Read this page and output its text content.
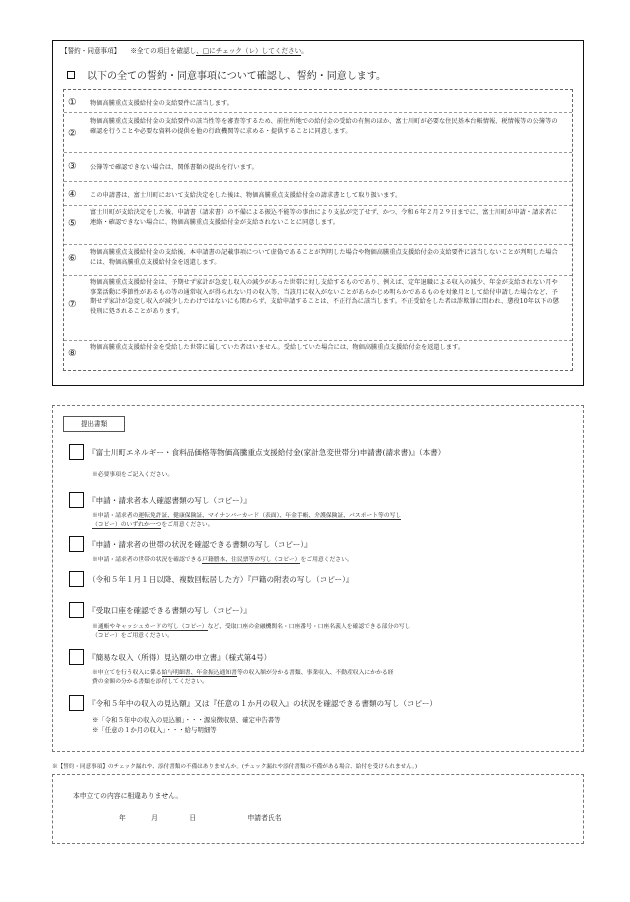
【誓約・同意事項】 ※全ての項目を確認し、□にチェック（レ）してください。
以下の全ての誓約・同意事項について確認し、誓約・同意します。
① 物価高騰重点支援給付金の支給要件に該当します。
②
物価高騰重点支援給付金の支給要件の該当性等を審査等するため、前住所地での給付金の受給の有無のほか、富士川町が必要な住民基本台帳情報、税情報等の公簿等の確認を行うことや必要な資料の提供を他の行政機関等に求める・提供することに同意します。
③ 公簿等で確認できない場合は、関係書類の提出を行います。
④ この申請書は、富士川町において支給決定をした後は、物価高騰重点支援給付金の請求書として取り扱います。
⑤
富士川町が支給決定をした後、申請書（請求書）の不備による振込不能等の事由により支払が完了せず、かつ、令和６年２月２９日までに、富士川町が申請・請求者に連絡・確認できない場合に、物価高騰重点支援給付金が支給されないことに同意します。
⑥
物価高騰重点支援給付金の支給後、本申請書の記載事項について虚偽であることが判明した場合や物価高騰重点支援給付金の支給要件に該当しないことが判明した場合には、物価高騰重点支援給付金を返還します。
⑦
物価高騰重点支援給付金は、予期せず家計が急変し収入の減少があった世帯に対し支給するものであり、例えば、定年退職による収入の減少、年金が支給されない月や事業活動に季節性があるもの等の通常収入が得られない月の収入等、当該月に収入がないことがあらかじめ明らかであるものを対象月として給付申請した場合など、予期せず家計が急変し収入が減少したわけではないにも関わらず、支給申請することは、不正行為に該当します。不正受給をした者は詐欺罪に問われ、懲役10年以下の懲役刑に処されることがあります。
⑧
物価高騰重点支援給付金を受給した世帯に属していた者はいません。受給していた場合には、物価高騰重点支援給付金を返還します。
提出書類
『富士川町エネルギー・食料品価格等物価高騰重点支援給付金(家計急変世帯分)申請書(請求書)』（本書）
※必要事項をご記入ください。
『申請・請求者本人確認書類の写し（コピー）』
※申請・請求者の運転免許証、健康保険証、マイナンバーカード（表面）、年金手帳、介護保険証、パスポート等の写し
（コピー）のいずれか一つをご用意ください。
『申請・請求者の世帯の状況を確認できる書類の写し（コピー）』
※申請・請求者の世帯の状況を確認できる戸籍謄本、住民票等の写し（コピー）をご用意ください。
（令和５年１月１日以降、複数回転居した方）『戸籍の附表の写し（コピー）』
『受取口座を確認できる書類の写し（コピー）』
※通帳やキャッシュカードの写し（コピー）など、受取口座の金融機関名・口座番号・口座名義人を確認できる部分の写し
（コピー）をご用意ください。
『簡易な収入（所得）見込額の申立書』（様式第4号）
※申立てを行う収入に係る給与明細書、年金振込通知書等の収入額が分かる書類、事業収入、不動産収入にかかる経
費の金額の分かる書類を添付してください。
『令和５年中の収入の見込額』又は『任意の１か月の収入』の状況を確認できる書類の写し（コピー）
※「令和５年中の収入の見込額」・・・源泉徴収票、確定申告書等
※「任意の１か月の収入」・・・給与明細等
※【誓約・同意事項】のチェック漏れや、添付書類の不備はありませんか。(チェック漏れや添付書類の不備がある場合、給付を受けられません。)
本申立ての内容に相違ありません。
年	月	日	申請者氏名
